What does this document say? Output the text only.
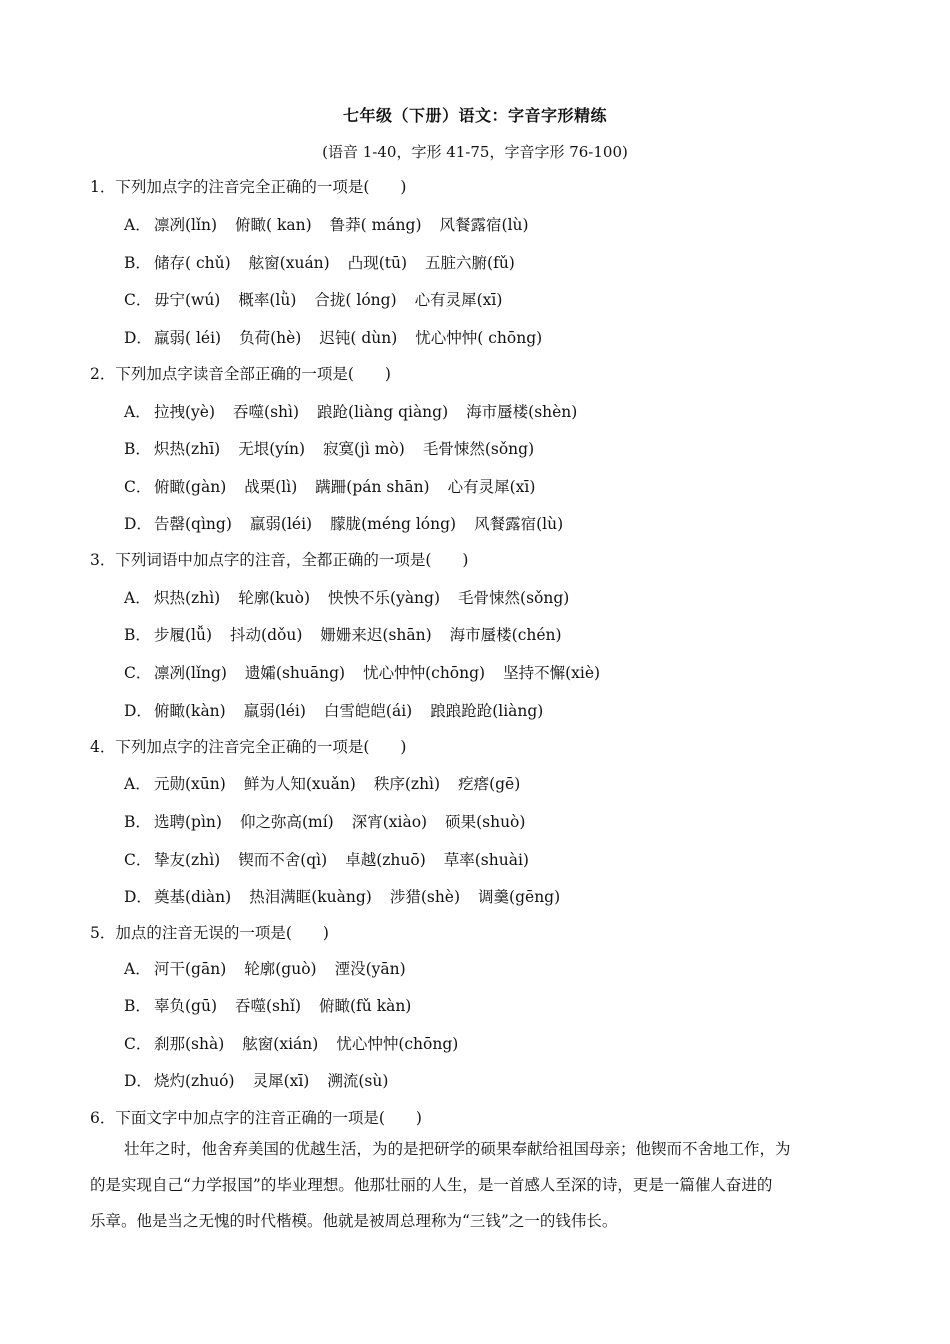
七年级（下册）语文：字音字形精练
(语音 1-40，字形 41-75，字音字形 76-100)
1．下列加点字的注音完全正确的一项是(　　)
A． 凛冽(lǐn) 俯瞰( kan) 鲁莽( máng) 风餐露宿(lù)
B． 储存( chǔ) 舷窗(xuán) 凸现(tū) 五脏六腑(fǔ)
C． 毋宁(wú) 概率(lǜ) 合拢( lóng) 心有灵犀(xī)
D． 羸弱( léi) 负荷(hè) 迟钝( dùn) 忧心忡忡( chōng)
2．下列加点字读音全部正确的一项是(　　)
A． 拉拽(yè) 吞噬(shì) 踉跄(liàng qiàng) 海市蜃楼(shèn)
B． 炽热(zhī) 无垠(yín) 寂寞(jì mò) 毛骨悚然(sǒng)
C． 俯瞰(gàn) 战栗(lì) 蹒跚(pán shān) 心有灵犀(xī)
D． 告罄(qìng) 羸弱(léi) 朦胧(méng lóng) 风餐露宿(lù)
3．下列词语中加点字的注音，全都正确的一项是(　　)
A． 炽热(zhì) 轮廓(kuò) 怏怏不乐(yàng) 毛骨悚然(sǒng)
B． 步履(lǚ) 抖动(dǒu) 姗姗来迟(shān) 海市蜃楼(chén)
C． 凛冽(lǐng) 遗孀(shuāng) 忧心忡忡(chōng) 坚持不懈(xiè)
D． 俯瞰(kàn) 羸弱(léi) 白雪皑皑(ái) 踉踉跄跄(liàng)
4．下列加点字的注音完全正确的一项是(　　)
A． 元勋(xūn) 鲜为人知(xuǎn) 秩序(zhì) 疙瘩(gē)
B． 选聘(pìn) 仰之弥高(mí) 深宵(xiào) 硕果(shuò)
C． 挚友(zhì) 锲而不舍(qì) 卓越(zhuō) 草率(shuài)
D． 奠基(diàn) 热泪满眶(kuàng) 涉猎(shè) 调羹(gēng)
5．加点的注音无误的一项是(　　)
A． 河干(gān) 轮廓(guò) 湮没(yān)
B． 辜负(gū) 吞噬(shǐ) 俯瞰(fǔ kàn)
C． 刹那(shà) 舷窗(xián) 忧心忡忡(chōng)
D． 烧灼(zhuó) 灵犀(xī) 溯流(sù)
6．下面文字中加点字的注音正确的一项是(　　)

壮年之时，他舍弃美国的优越生活，为的是把研学的硕果奉献给祖国母亲；他锲而不舍地工作，为

的是实现自己“力学报国”的毕业理想。他那壮丽的人生，是一首感人至深的诗，更是一篇催人奋进的

乐章。他是当之无愧的时代楷模。他就是被周总理称为“三钱”之一的钱伟长。
